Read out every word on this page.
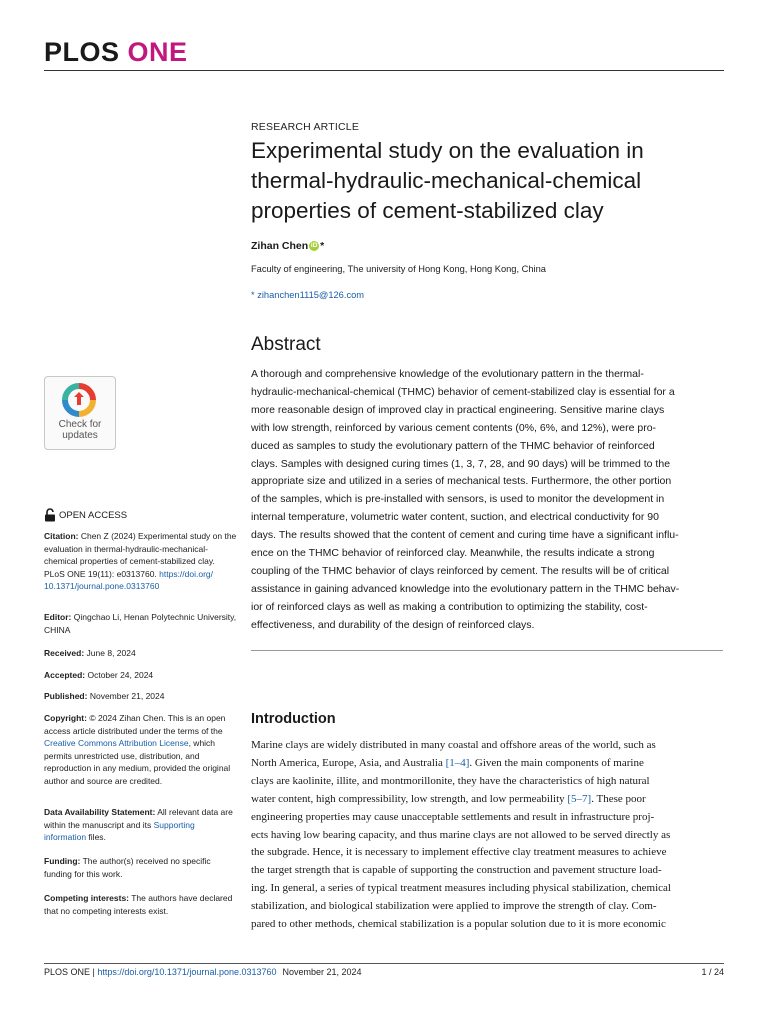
PLOS ONE
RESEARCH ARTICLE
Experimental study on the evaluation in
thermal-hydraulic-mechanical-chemical
properties of cement-stabilized clay
Zihan Chen iD *
Faculty of engineering, The university of Hong Kong, Hong Kong, China
* zihanchen1115@126.com
Abstract
A thorough and comprehensive knowledge of the evolutionary pattern in the thermal-
hydraulic-mechanical-chemical (THMC) behavior of cement-stabilized clay is essential for a
more reasonable design of improved clay in practical engineering. Sensitive marine clays
with low strength, reinforced by various cement contents (0%, 6%, and 12%), were pro-
duced as samples to study the evolutionary pattern of the THMC behavior of reinforced
clays. Samples with designed curing times (1, 3, 7, 28, and 90 days) will be trimmed to the
appropriate size and utilized in a series of mechanical tests. Furthermore, the other portion
of the samples, which is pre-installed with sensors, is used to monitor the development in
internal temperature, volumetric water content, suction, and electrical conductivity for 90
days. The results showed that the content of cement and curing time have a significant influ-
ence on the THMC behavior of reinforced clay. Meanwhile, the results indicate a strong
coupling of the THMC behavior of clays reinforced by cement. The results will be of critical
assistance in gaining advanced knowledge into the evolutionary pattern in the THMC behav-
ior of reinforced clays as well as making a contribution to optimizing the stability, cost-
effectiveness, and durability of the design of reinforced clays.
Check for
updates
OPEN ACCESS
Citation: Chen Z (2024) Experimental study on the
evaluation in thermal-hydraulic-mechanical-
chemical properties of cement-stabilized clay.
PLoS ONE 19(11): e0313760. https://doi.org/
10.1371/journal.pone.0313760
Editor: Qingchao Li, Henan Polytechnic University,
CHINA
Received: June 8, 2024
Accepted: October 24, 2024
Published: November 21, 2024
Copyright: © 2024 Zihan Chen. This is an open
access article distributed under the terms of the
Creative Commons Attribution License, which
permits unrestricted use, distribution, and
reproduction in any medium, provided the original
author and source are credited.
Data Availability Statement: All relevant data are
within the manuscript and its Supporting
information files.
Funding: The author(s) received no specific
funding for this work.
Competing interests: The authors have declared
that no competing interests exist.
Introduction
Marine clays are widely distributed in many coastal and offshore areas of the world, such as
North America, Europe, Asia, and Australia [1–4]. Given the main components of marine
clays are kaolinite, illite, and montmorillonite, they have the characteristics of high natural
water content, high compressibility, low strength, and low permeability [5–7]. These poor
engineering properties may cause unacceptable settlements and result in infrastructure proj-
ects having low bearing capacity, and thus marine clays are not allowed to be served directly as
the subgrade. Hence, it is necessary to implement effective clay treatment measures to achieve
the target strength that is capable of supporting the construction and pavement structure load-
ing. In general, a series of typical treatment measures including physical stabilization, chemical
stabilization, and biological stabilization were applied to improve the strength of clay. Com-
pared to other methods, chemical stabilization is a popular solution due to it is more economic
PLOS ONE | https://doi.org/10.1371/journal.pone.0313760 November 21, 2024	1 / 24
